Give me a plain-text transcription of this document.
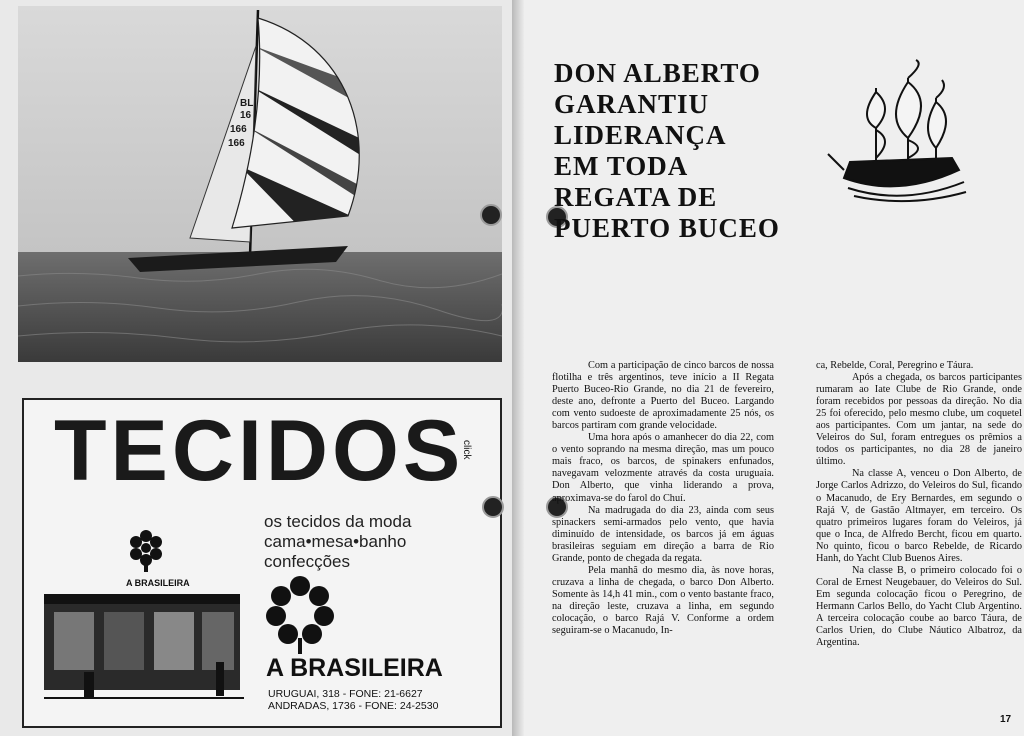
BL
16
166
166
TECIDOS
click
os tecidos da moda
cama•mesa•banho
confecções
A BRASILEIRA
A BRASILEIRA
URUGUAI, 318 - FONE: 21-6627
ANDRADAS, 1736 - FONE: 24-2530
DON ALBERTO
GARANTIU
LIDERANÇA
EM TODA
REGATA DE
PUERTO BUCEO

Com a participação de cinco barcos de nossa flotilha e três argentinos, teve início a II Regata Puerto Buceo-Rio Grande, no dia 21 de fevereiro, deste ano, defronte a Puerto del Buceo. Largando com vento sudoeste de aproximadamente 25 nós, os barcos partiram com grande velocidade.

Uma hora após o amanhecer do dia 22, com o vento soprando na mesma direção, mas um pouco mais fraco, os barcos, de spinakers enfunados, navegavam velozmente através da costa uruguaia. Don Alberto, que vinha liderando a prova, aproximava-se do farol do Chuí.

Na madrugada do dia 23, ainda com seus spinackers semi-armados pelo vento, que havia diminuído de intensidade, os barcos já em águas brasileiras seguiam em direção a barra de Rio Grande, ponto de chegada da regata.

Pela manhã do mesmo dia, às nove horas, cruzava a linha de chegada, o barco Don Alberto. Somente às 14,h 41 min., com o vento bastante fraco, na direção leste, cruzava a linha, em segundo colocação, o barco Rajá V. Conforme a ordem seguiram-se o Macanudo, In-

ca, Rebelde, Coral, Peregrino e Táura.

Após a chegada, os barcos participantes rumaram ao Iate Clube de Rio Grande, onde foram recebidos por pessoas da direção. No dia 25 foi oferecido, pelo mesmo clube, um coquetel aos participantes. Com um jantar, na sede do Veleiros do Sul, foram entregues os prêmios a todos os participantes, no dia 28 de janeiro último.

Na classe A, venceu o Don Alberto, de Jorge Carlos Adrizzo, do Veleiros do Sul, ficando o Macanudo, de Ery Bernardes, em segundo o Rajá V, de Gastão Altmayer, em terceiro. Os quatro primeiros lugares foram do Veleiros, já que o Inca, de Alfredo Bercht, ficou em quarto. No quinto, ficou o barco Rebelde, de Ricardo Hanh, do Yacht Club Buenos Aires.

Na classe B, o primeiro colocado foi o Coral de Ernest Neugebauer, do Veleiros do Sul. Em segunda colocação ficou o Peregrino, de Hermann Carlos Bello, do Yacht Club Argentino. A terceira colocação coube ao barco Táura, de Carlos Urien, do Clube Náutico Albatroz, da Argentina.

17
